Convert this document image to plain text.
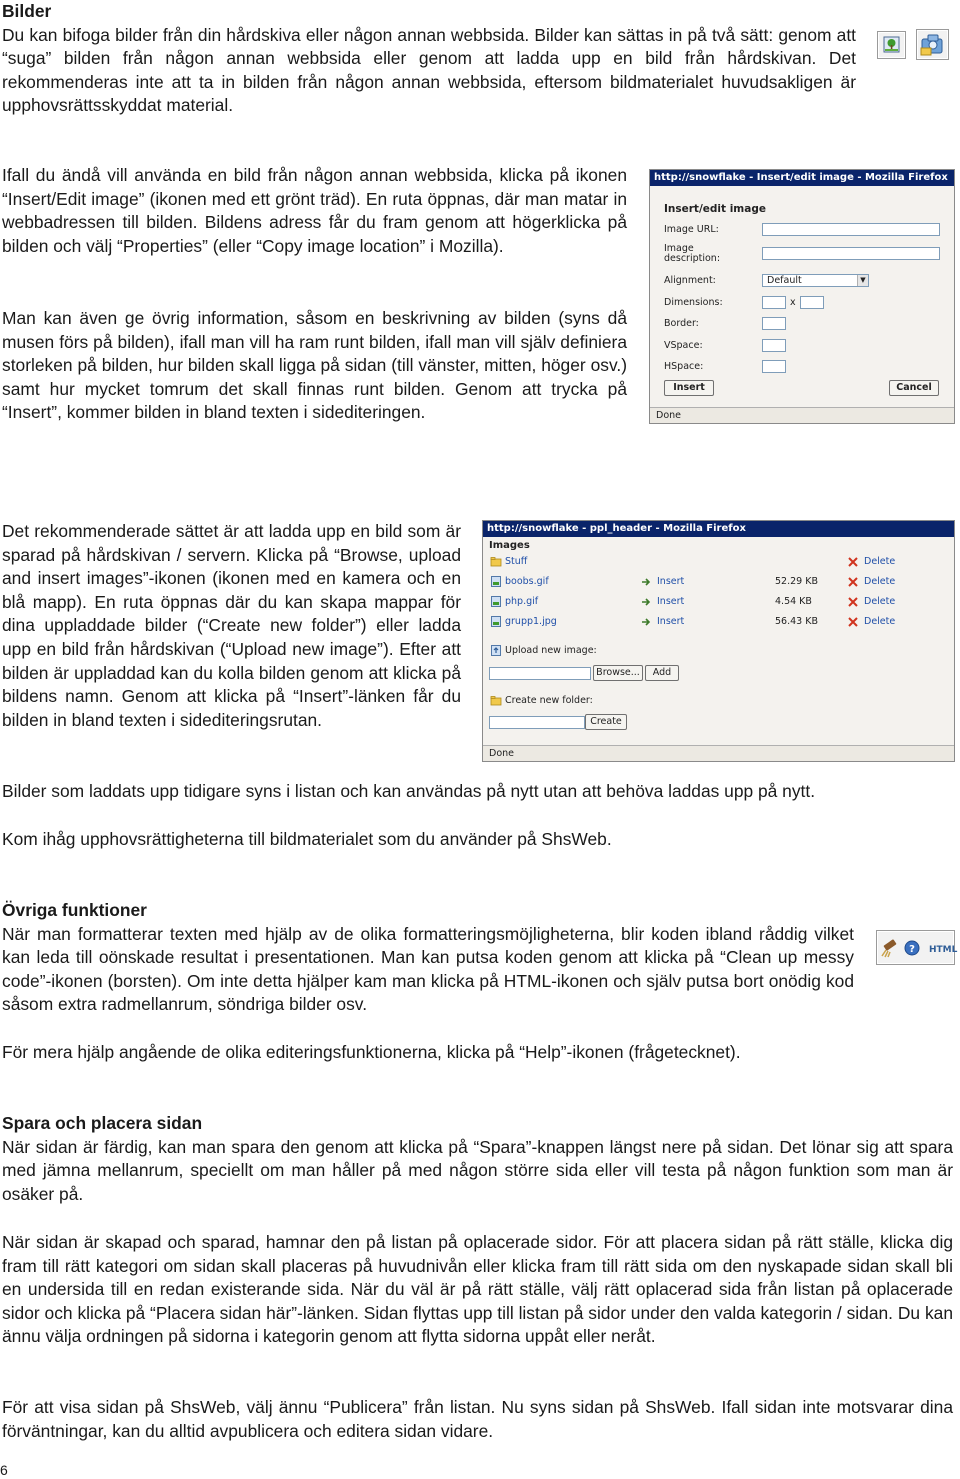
Bilder

Du kan bifoga bilder från din hårdskiva eller någon annan webbsida. Bilder kan sättas in på två sätt: genom att “suga” bilden från någon annan webbsida eller genom att ladda upp en bild från hårdskivan. Det rekommenderas inte att ta in bilden från någon annan webbsida, eftersom bildmaterialet huvudsakligen är upphovsrättsskyddat material.

Ifall du ändå vill använda en bild från någon annan webbsida, klicka på ikonen “Insert/Edit image” (ikonen med ett grönt träd). En ruta öppnas, där man matar in webbadressen till bilden. Bildens adress får du fram genom att högerklicka på bilden och välj “Properties” (eller “Copy image location” i Mozilla).

Man kan även ge övrig information, såsom en beskrivning av bilden (syns då musen förs på bilden), ifall man vill ha ram runt bilden, ifall man vill själv definiera storleken på bilden, hur bilden skall ligga på sidan (till vänster, mitten, höger osv.) samt hur mycket tomrum det skall finnas runt bilden. Genom att trycka på “Insert”, kommer bilden in bland texten i sidediteringen.

http://snowflake - Insert/edit image - Mozilla Firefox
Insert/edit image
Image URL:
Image description:
Alignment:	Default	▼
Dimensions:	x
Border:
VSpace:
HSpace:
Insert	Cancel
Done

Det rekommenderade sättet är att ladda upp en bild som är sparad på hårdskivan / servern. Klicka på “Browse, upload and insert images”-ikonen (ikonen med en kamera och en blå mapp). En ruta öppnas där du kan skapa mappar för dina uppladdade bilder (“Create new folder”) eller ladda upp en bild från hårdskivan (“Upload new image”). Efter att bilden är uppladdad kan du kolla bilden genom att klicka på bildens namn. Genom att klicka på “Insert”-länken får du bilden in bland texten i sidediteringsrutan.

http://snowflake - ppl_header - Mozilla Firefox
Images
Stuff	Delete
boobs.gif	Insert	52.29 KB	Delete
php.gif	Insert	4.54 KB	Delete
grupp1.jpg	Insert	56.43 KB	Delete
Upload new image:
Browse...	Add
Create new folder:
Create
Done

Bilder som laddats upp tidigare syns i listan och kan användas på nytt utan att behöva laddas upp på nytt.

Kom ihåg upphovsrättigheterna till bildmaterialet som du använder på ShsWeb.

Övriga funktioner

När man formatterar texten med hjälp av de olika formatteringsmöjligheterna, blir koden ibland råddig vilket kan leda till oönskade resultat i presentationen. Man kan putsa koden genom att klicka på “Clean up messy code”-ikonen (borsten). Om inte detta hjälper kam man klicka på HTML-ikonen och själv putsa bort onödig kod såsom extra radmellanrum, söndriga bilder osv.

? HTML

För mera hjälp angående de olika editeringsfunktionerna, klicka på “Help”-ikonen (frågetecknet).

Spara och placera sidan

När sidan är färdig, kan man spara den genom att klicka på “Spara”-knappen längst nere på sidan. Det lönar sig att spara med jämna mellanrum, speciellt om man håller på med någon större sida eller vill testa på någon funktion som man är osäker på.

När sidan är skapad och sparad, hamnar den på listan på oplacerade sidor. För att placera sidan på rätt ställe, klicka dig fram till rätt kategori om sidan skall placeras på huvudnivån eller klicka fram till rätt sida om den nyskapade sidan skall bli en undersida till en redan existerande sida. När du väl är på rätt ställe, välj rätt oplacerad sida från listan på oplacerade sidor och klicka på “Placera sidan här”-länken. Sidan flyttas upp till listan på sidor under den valda kategorin / sidan. Du kan ännu välja ordningen på sidorna i kategorin genom att flytta sidorna uppåt eller neråt.

För att visa sidan på ShsWeb, välj ännu “Publicera” från listan. Nu syns sidan på ShsWeb. Ifall sidan inte motsvarar dina förväntningar, kan du alltid avpublicera och editera sidan vidare.

6
